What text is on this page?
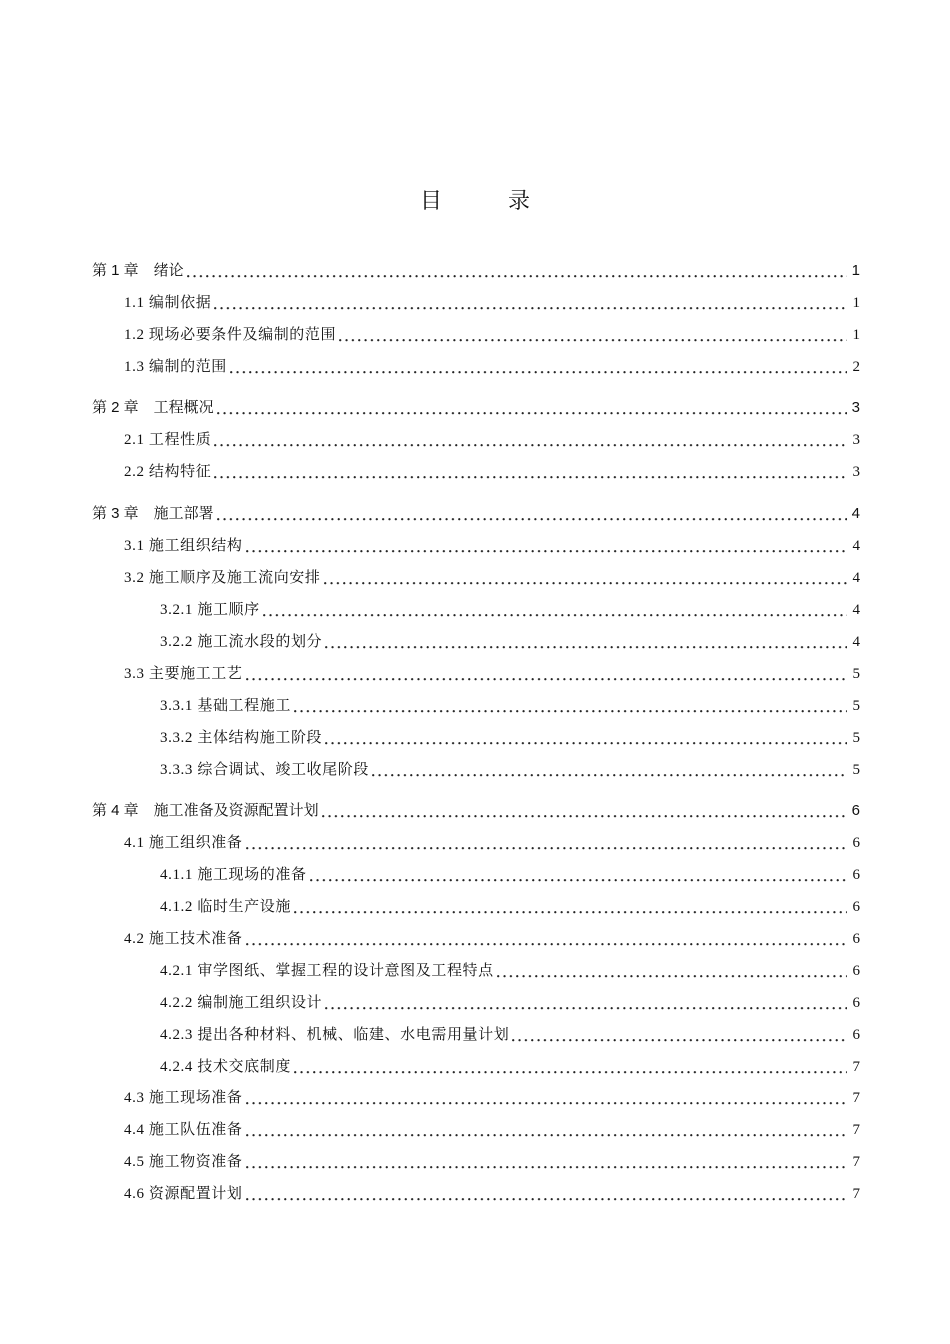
目　录
第 1 章　绪论	1
1.1 编制依据	1
1.2 现场必要条件及编制的范围	1
1.3 编制的范围	2
第 2 章　工程概况	3
2.1 工程性质	3
2.2 结构特征	3
第 3 章　施工部署	4
3.1 施工组织结构	4
3.2 施工顺序及施工流向安排	4
3.2.1 施工顺序	4
3.2.2 施工流水段的划分	4
3.3 主要施工工艺	5
3.3.1 基础工程施工	5
3.3.2 主体结构施工阶段	5
3.3.3 综合调试、竣工收尾阶段	5
第 4 章　施工准备及资源配置计划	6
4.1 施工组织准备	6
4.1.1 施工现场的准备	6
4.1.2 临时生产设施	6
4.2 施工技术准备	6
4.2.1 审学图纸、掌握工程的设计意图及工程特点	6
4.2.2 编制施工组织设计	6
4.2.3 提出各种材料、机械、临建、水电需用量计划	6
4.2.4 技术交底制度	7
4.3 施工现场准备	7
4.4 施工队伍准备	7
4.5 施工物资准备	7
4.6 资源配置计划	7
